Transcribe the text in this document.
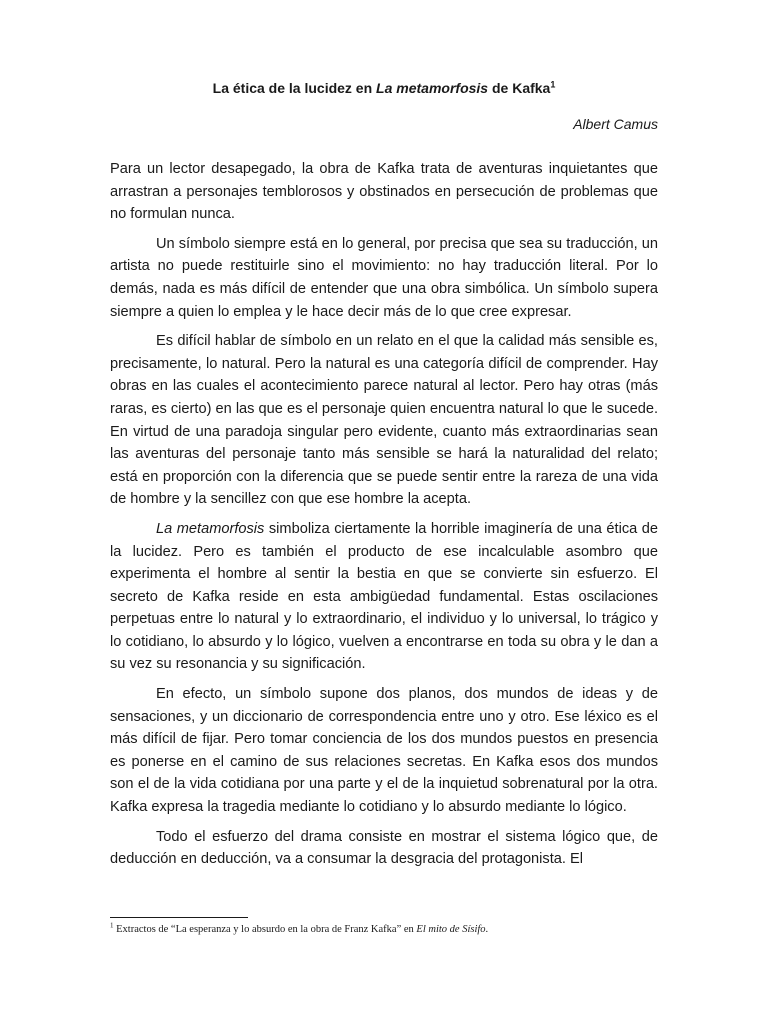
La ética de la lucidez en La metamorfosis de Kafka$^1$

Albert Camus

Para un lector desapegado, la obra de Kafka trata de aventuras inquietantes que arrastran a personajes temblorosos y obstinados en persecución de problemas que no formulan nunca.

Un símbolo siempre está en lo general, por precisa que sea su traducción, un artista no puede restituirle sino el movimiento: no hay traducción literal. Por lo demás, nada es más difícil de entender que una obra simbólica. Un símbolo supera siempre a quien lo emplea y le hace decir más de lo que cree expresar.

Es difícil hablar de símbolo en un relato en el que la calidad más sensible es, precisamente, lo natural. Pero la natural es una categoría difícil de comprender. Hay obras en las cuales el acontecimiento parece natural al lector. Pero hay otras (más raras, es cierto) en las que es el personaje quien encuentra natural lo que le sucede. En virtud de una paradoja singular pero evidente, cuanto más extraordinarias sean las aventuras del personaje tanto más sensible se hará la naturalidad del relato; está en proporción con la diferencia que se puede sentir entre la rareza de una vida de hombre y la sencillez con que ese hombre la acepta.

La metamorfosis simboliza ciertamente la horrible imaginería de una ética de la lucidez. Pero es también el producto de ese incalculable asombro que experimenta el hombre al sentir la bestia en que se convierte sin esfuerzo. El secreto de Kafka reside en esta ambigüedad fundamental. Estas oscilaciones perpetuas entre lo natural y lo extraordinario, el individuo y lo universal, lo trágico y lo cotidiano, lo absurdo y lo lógico, vuelven a encontrarse en toda su obra y le dan a su vez su resonancia y su significación.

En efecto, un símbolo supone dos planos, dos mundos de ideas y de sensaciones, y un diccionario de correspondencia entre uno y otro. Ese léxico es el más difícil de fijar. Pero tomar conciencia de los dos mundos puestos en presencia es ponerse en el camino de sus relaciones secretas. En Kafka esos dos mundos son el de la vida cotidiana por una parte y el de la inquietud sobrenatural por la otra. Kafka expresa la tragedia mediante lo cotidiano y lo absurdo mediante lo lógico.

Todo el esfuerzo del drama consiste en mostrar el sistema lógico que, de deducción en deducción, va a consumar la desgracia del protagonista. El

$^1$ Extractos de “La esperanza y lo absurdo en la obra de Franz Kafka” en El mito de Sísifo.
